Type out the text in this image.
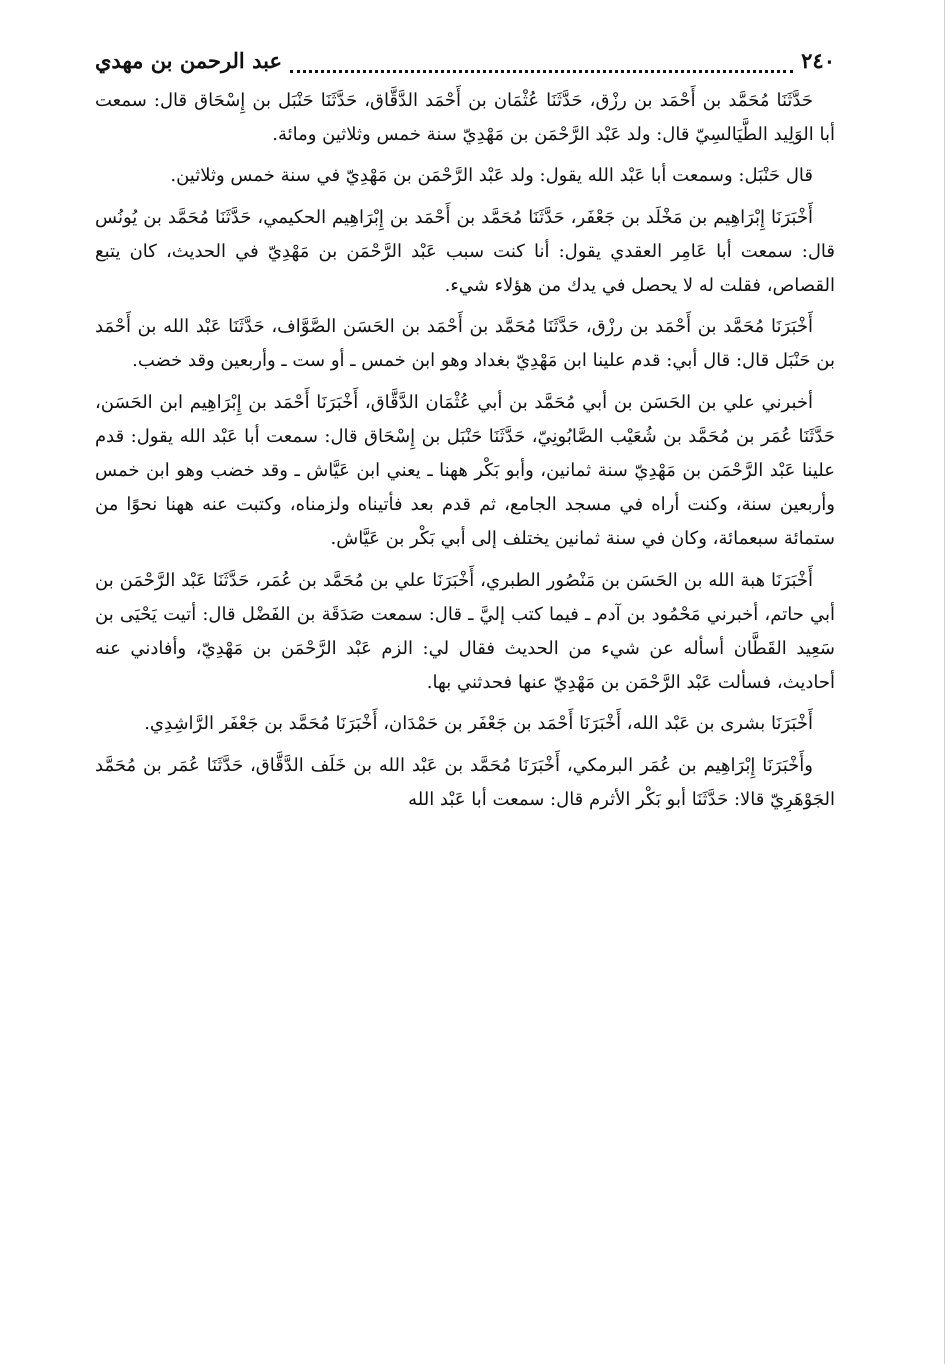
٢٤٠
عبد الرحمن بن مهدي

حَدَّثَنَا مُحَمَّد بن أَحْمَد بن رزْق، حَدَّثَنَا عُثْمَان بن أَحْمَد الدَّقَّاق، حَدَّثَنَا حَنْبَل بن إِسْحَاق قال: سمعت أبا الوَلِيد الطَّيَالسِيّ قال: ولد عَبْد الرَّحْمَن بن مَهْدِيّ سنة خمس وثلاثين ومائة.

قال حَنْبَل: وسمعت أبا عَبْد الله يقول: ولد عَبْد الرَّحْمَن بن مَهْدِيّ في سنة خمس وثلاثين.

أَخْبَرَنَا إِبْرَاهِيم بن مَخْلَد بن جَعْفَر، حَدَّثَنَا مُحَمَّد بن أَحْمَد بن إِبْرَاهِيم الحكيمي، حَدَّثَنَا مُحَمَّد بن يُونُس قال: سمعت أبا عَامِر العقدي يقول: أنا كنت سبب عَبْد الرَّحْمَن بن مَهْدِيّ في الحديث، كان يتبع القصاص، فقلت له لا يحصل في يدك من هؤلاء شيء.

أَخْبَرَنَا مُحَمَّد بن أَحْمَد بن رزْق، حَدَّثَنَا مُحَمَّد بن أَحْمَد بن الحَسَن الصَّوَّاف، حَدَّثَنَا عَبْد الله بن أَحْمَد بن حَنْبَل قال: قال أبي: قدم علينا ابن مَهْدِيّ بغداد وهو ابن خمس ـ أو ست ـ وأربعين وقد خضب.

أخبرني علي بن الحَسَن بن أبي مُحَمَّد بن أبي عُثْمَان الدَّقَّاق، أَخْبَرَنَا أَحْمَد بن إِبْرَاهِيم ابن الحَسَن، حَدَّثَنَا عُمَر بن مُحَمَّد بن شُعَيْب الصَّابُونِيّ، حَدَّثَنَا حَنْبَل بن إِسْحَاق قال: سمعت أبا عَبْد الله يقول: قدم علينا عَبْد الرَّحْمَن بن مَهْدِيّ سنة ثمانين، وأبو بَكْر ههنا ـ يعني ابن عَيَّاش ـ وقد خضب وهو ابن خمس وأربعين سنة، وكنت أراه في مسجد الجامع، ثم قدم بعد فأتيناه ولزمناه، وكتبت عنه ههنا نحوًا من ستمائة سبعمائة، وكان في سنة ثمانين يختلف إلى أبي بَكْر بن عَيَّاش.

أَخْبَرَنَا هبة الله بن الحَسَن بن مَنْصُور الطبري، أَخْبَرَنَا علي بن مُحَمَّد بن عُمَر، حَدَّثَنَا عَبْد الرَّحْمَن بن أبي حاتم، أخبرني مَحْمُود بن آدم ـ فيما كتب إليَّ ـ قال: سمعت صَدَقَة بن الفَضْل قال: أتيت يَحْيَى بن سَعِيد القَطَّان أسأله عن شيء من الحديث فقال لي: الزم عَبْد الرَّحْمَن بن مَهْدِيّ، وأفادني عنه أحاديث، فسألت عَبْد الرَّحْمَن بن مَهْدِيّ عنها فحدثني بها.

أَخْبَرَنَا بشرى بن عَبْد الله، أَخْبَرَنَا أَحْمَد بن جَعْفَر بن حَمْدَان، أَخْبَرَنَا مُحَمَّد بن جَعْفَر الرَّاشِدِي.

وأَخْبَرَنَا إِبْرَاهِيم بن عُمَر البرمكي، أَخْبَرَنَا مُحَمَّد بن عَبْد الله بن خَلَف الدَّقَّاق، حَدَّثَنَا عُمَر بن مُحَمَّد الجَوْهَرِيّ قالا: حَدَّثَنَا أبو بَكْر الأثرم قال: سمعت أبا عَبْد الله
